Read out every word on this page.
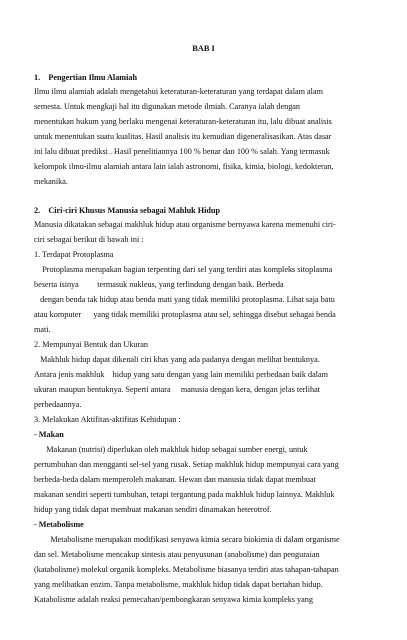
BAB I
1.    Pengertian Ilmu Alamiah
Ilmu ilmu alamiah adalah mengetahui keteraturan-keteraturan yang terdapat dalam alam
semesta. Untuk mengkaji hal itu digunakan metode ilmiah. Caranya ialah dengan
menentukan hukum yang berlaku mengenai keteraturan-keteraturan itu, lalu dibuat analisis
untuk menentukan suatu kualitas. Hasil analisis itu kemudian digeneralisasikan. Atas dasar
ini lalu dibuat prediksi . Hasil penelitiannya 100 % benar dan 100 % salah. Yang termasuk
kelompok ilmu-ilmu alamiah antara lain ialah astronomi, fisika, kimia, biologi, kedokteran,
mekanika.
2.    Ciri-ciri Khusus Manusia sebagai Mahluk Hidup
Manusia dikatakan sebagai makhluk hidup atau organisme bernyawa karena memenuhi ciri-
ciri sebagai berikut di bawah ini :
1. Terdapat Protoplasma
Protoplasma merupakan bagian terpenting dari sel yang terdiri atas kompleks sitoplasma
beserta isinya         termasuk nukleus, yang terlindung dengan baik. Berbeda
dengan benda tak hidup atau benda mati yang tidak memiliki protoplasma. Lihat saja batu
atau komputer      yang tidak memiliki protoplasma atau sel, sehingga disebut sebagai benda
mati.
2. Mempunyai Bentuk dan Ukuran
Makhluk hidup dapat dikenali ciri khas yang ada padanya dengan melihat bentuknya.
Antara jenis makhluk    hidup yang satu dengan yang lain memiliki perbedaan baik dalam
ukuran maupun bentuknya. Seperti antara     manusia dengan kera, dengan jelas terlihat
perbedaannya.
3. Melakukan Aktifitas-aktifitas Kehidupan :
- Makan
Makanan (nutrisi) diperlukan oleh makhluk hidup sebagai sumber energi, untuk
pertumbuhan dan mengganti sel-sel yang rusak. Setiap makhluk hidup mempunyai cara yang
berbeda-beda dalam memperoleh makanan. Hewan dan manusia tidak dapat membuat
makanan sendiri seperti tumbuhan, tetapi tergantung pada makhluk hidup lainnya. Makhluk
hidup yang tidak dapat membuat makanan sendiri dinamakan heterotrof.
- Metabolisme
Metabolisme merupakan modifikasi senyawa kimia secara biokimia di dalam organisme
dan sel. Metabolisme mencakup sintesis atau penyusunan (anabolisme) dan penguraian
(katabolisme) molekul organik kompleks. Metabolisme biasanya terdiri atas tahapan-tahapan
yang melibatkan enzim. Tanpa metabolisme, makhluk hidup tidak dapat bertahan hidup.
Katabolisme adalah reaksi pemecahan/pembongkaran senyawa kimia kompleks yang
